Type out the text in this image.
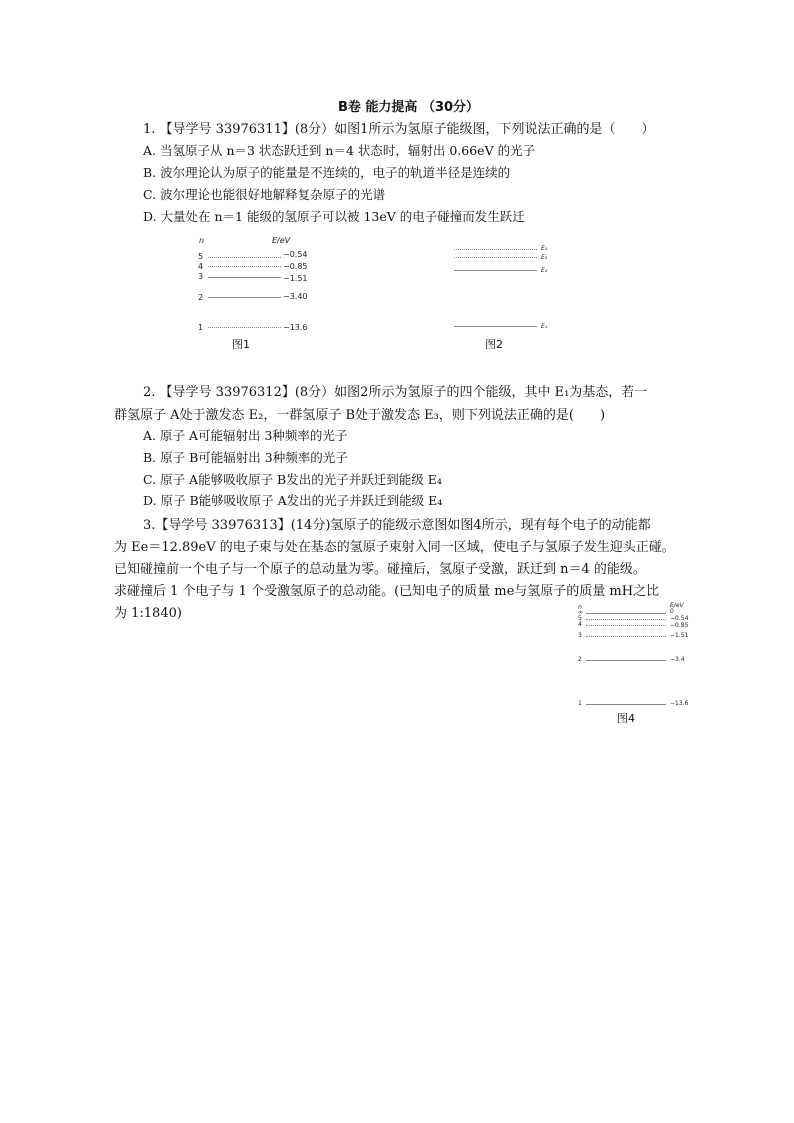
B卷 能力提高 （30分）
1. 【导学号 33976311】(8分）如图1所示为氢原子能级图，下列说法正确的是（　　）
A. 当氢原子从 n＝3 状态跃迁到 n＝4 状态时，辐射出 0.66eV 的光子
B. 波尔理论认为原子的能量是不连续的，电子的轨道半径是连续的
C. 波尔理论也能很好地解释复杂原子的光谱
D. 大量处在 n＝1 能级的氢原子可以被 13eV 的电子碰撞而发生跃迁
n	E/eV
5	−0.54
4	−0.85
3	−1.51
2	−3.40
1	−13.6
图1
E₄
E₃
E₂
E₁
图2
2. 【导学号 33976312】(8分）如图2所示为氢原子的四个能级，其中 E₁为基态，若一
群氢原子 A处于激发态 E₂，一群氢原子 B处于激发态 E₃，则下列说法正确的是(　　)
A. 原子 A可能辐射出 3种频率的光子
B. 原子 B可能辐射出 3种频率的光子
C. 原子 A能够吸收原子 B发出的光子并跃迁到能级 E₄
D. 原子 B能够吸收原子 A发出的光子并跃迁到能级 E₄
3.【导学号 33976313】(14分)氢原子的能级示意图如图4所示，现有每个电子的动能都
为 Ee＝12.89eV 的电子束与处在基态的氢原子束射入同一区域，使电子与氢原子发生迎头正碰。
已知碰撞前一个电子与一个原子的总动量为零。碰撞后，氢原子受激，跃迁到 n＝4 的能级。
求碰撞后 1 个电子与 1 个受激氢原子的总动能。(已知电子的质量 me与氢原子的质量 mH之比
为 1:1840)	n	E/eV
∞	0
5	−0.54
4	−0.85
3	−1.51
2	−3.4
1	−13.6
图4
